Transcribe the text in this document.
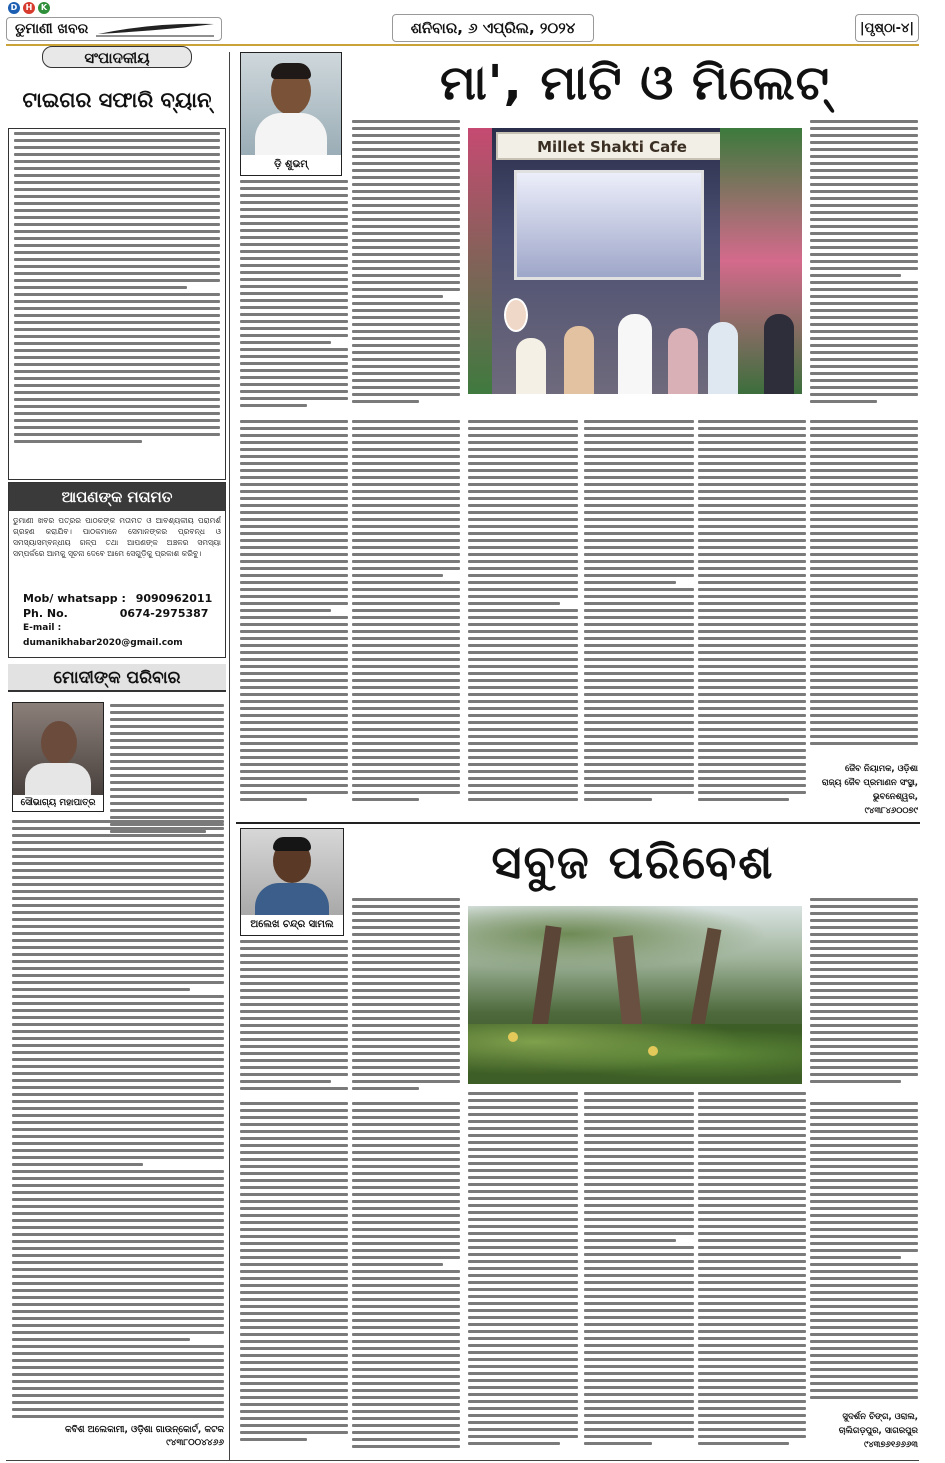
D	H	K
ଡୁମାଣୀ ଖବର	ଶନିବାର, ୬ ଏପ୍ରିଲ, ୨୦୨୪	|ପୃଷ୍ଠା-୪|
ସଂପାଦକୀୟ
ଟାଇଗର ସଫାରି ବ୍ୟାନ୍
ଆପଣଙ୍କ ମତାମତ
ଡୁମାଣୀ ଖବର ପତ୍ରର ପାଠକଙ୍କ ମତାମତ ଓ ଆବଶ୍ୟକୀୟ ପରାମର୍ଶ ଗ୍ରହଣ କରାଯିବ। ପାଠକମାନେ ସେମାନଙ୍କର ପ୍ରବନ୍ଧ ଓ ସମସ୍ୟାସମ୍ବନ୍ଧୀୟ ଗଳ୍ପ ତଥା ଆପଣଙ୍କ ଅଞ୍ଚଳର ସମସ୍ୟା ସମ୍ପର୍କରେ ଆମକୁ ସୂଚନା ଦେବେ ଆମେ ସେଗୁଡ଼ିକୁ ପ୍ରକାଶ କରିବୁ।
Mob/ whatsapp : 9090962011
Ph. No.	0674-2975387
E-mail : dumanikhabar2020@gmail.com
ମୋଦୀଙ୍କ ପରିବାର
ସୌଭାଗ୍ୟ ମହାପାତ୍ର
କବିଶ ଅଲେକାମୀ, ଓଡ଼ିଶା ଗାଉନ୍‌କୋର୍ଟ, କଟକ
୯୪୩୮୦୦୪୪୬୬
ଡ଼ି ଶୁଭମ୍
ମା', ମାଟି ଓ ମିଲେଟ୍
Millet Shakti Cafe
ଜୈବ ନିୟାମକ, ଓଡ଼ିଶା
ରାଜ୍ୟ ଜୈବ ପ୍ରମାଣନ ସଂସ୍ଥା,
ଭୁବନେଶ୍ୱର,
୯୪୩୮୪୬୦୦୭୯
ଅଲେଖ ଚନ୍ଦ୍ର ସାମଲ
ସବୁଜ ପରିବେଶ
ସୁଦର୍ଶନ ଚିଙ୍ଗ, ଓରାଲ,
ଚାଲିଗଡ଼ପୁର, ସାଗରପୁର
୯୪୩୭୬୧୬୬୬୩
